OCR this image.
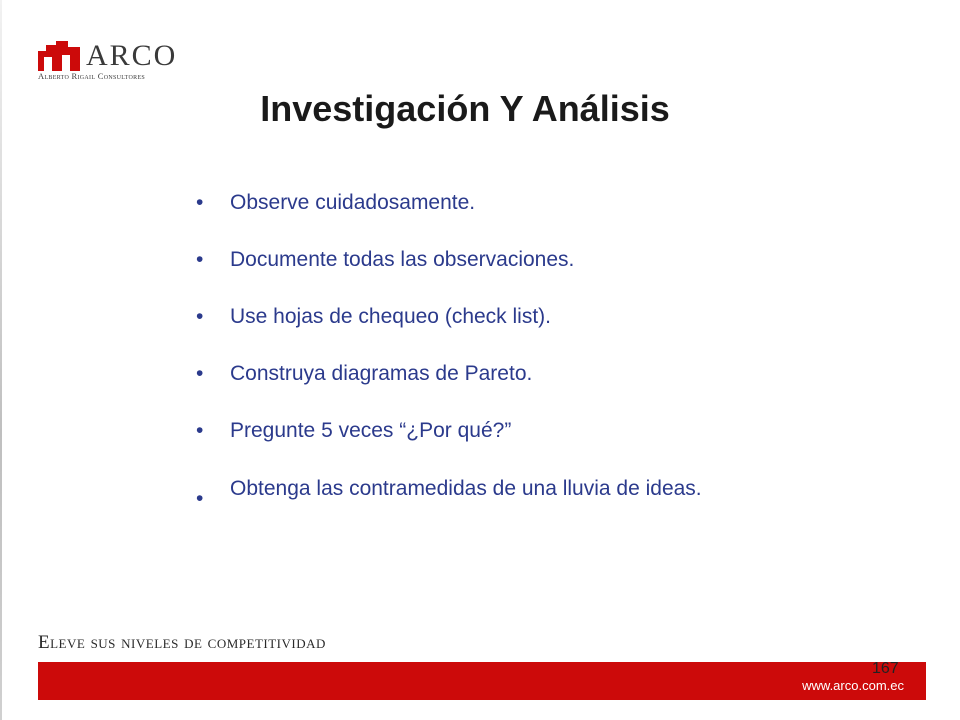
ARCO
Alberto Rigail Consultores
Investigación Y Análisis
• Observe cuidadosamente.
• Documente todas las observaciones.
• Use hojas de chequeo (check list).
• Construya diagramas de Pareto.
• Pregunte 5 veces “¿Por qué?”
• Obtenga las contramedidas de una lluvia de ideas.
Eleve sus niveles de competitividad
www.arco.com.ec
167
